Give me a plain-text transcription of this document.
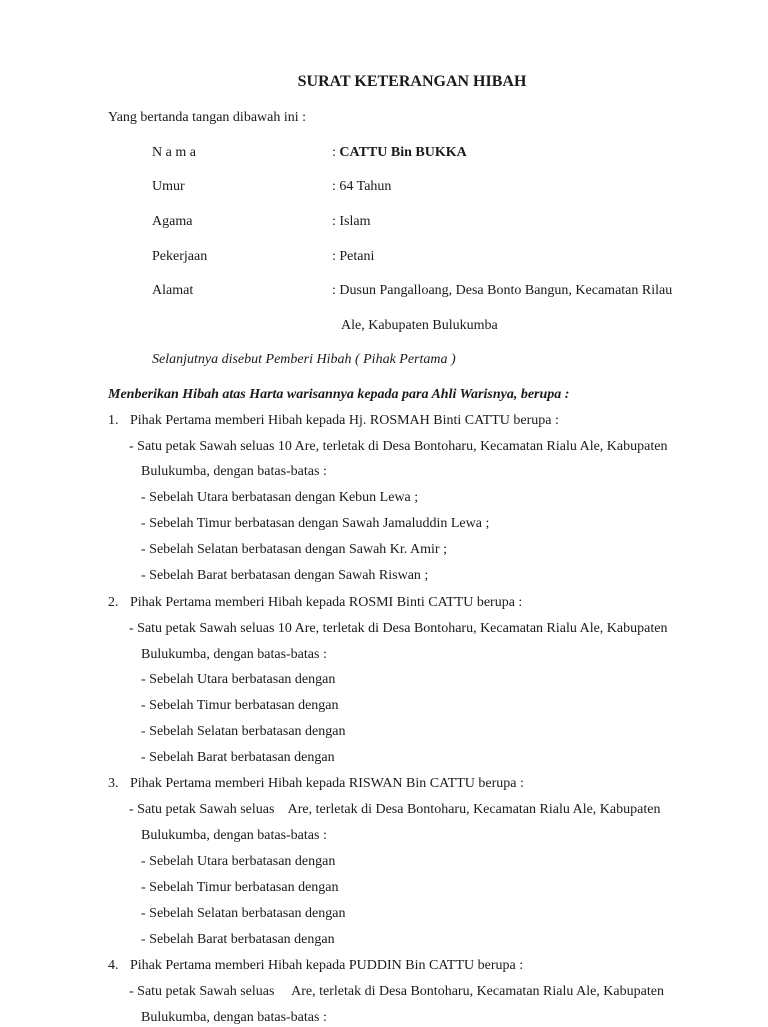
SURAT KETERANGAN HIBAH
Yang bertanda tangan dibawah ini :
N a m a	: CATTU Bin BUKKA
Umur	: 64 Tahun
Agama	: Islam
Pekerjaan	: Petani
Alamat	: Dusun Pangalloang, Desa Bonto Bangun, Kecamatan Rilau
Ale, Kabupaten Bulukumba
Selanjutnya disebut Pemberi Hibah ( Pihak Pertama )
Menberikan Hibah atas Harta warisannya kepada para Ahli Warisnya, berupa :
1. Pihak Pertama memberi Hibah kepada Hj. ROSMAH Binti CATTU berupa :
- Satu petak Sawah seluas 10 Are, terletak di Desa Bontoharu, Kecamatan Rialu Ale, Kabupaten
Bulukumba, dengan batas-batas :
- Sebelah Utara berbatasan dengan Kebun Lewa ;
- Sebelah Timur berbatasan dengan Sawah Jamaluddin Lewa ;
- Sebelah Selatan berbatasan dengan Sawah Kr. Amir ;
- Sebelah Barat berbatasan dengan Sawah Riswan ;
2. Pihak Pertama memberi Hibah kepada ROSMI Binti CATTU berupa :
- Satu petak Sawah seluas 10 Are, terletak di Desa Bontoharu, Kecamatan Rialu Ale, Kabupaten
Bulukumba, dengan batas-batas :
- Sebelah Utara berbatasan dengan
- Sebelah Timur berbatasan dengan
- Sebelah Selatan berbatasan dengan
- Sebelah Barat berbatasan dengan
3. Pihak Pertama memberi Hibah kepada RISWAN Bin CATTU berupa :
- Satu petak Sawah seluas    Are, terletak di Desa Bontoharu, Kecamatan Rialu Ale, Kabupaten
Bulukumba, dengan batas-batas :
- Sebelah Utara berbatasan dengan
- Sebelah Timur berbatasan dengan
- Sebelah Selatan berbatasan dengan
- Sebelah Barat berbatasan dengan
4. Pihak Pertama memberi Hibah kepada PUDDIN Bin CATTU berupa :
- Satu petak Sawah seluas     Are, terletak di Desa Bontoharu, Kecamatan Rialu Ale, Kabupaten
Bulukumba, dengan batas-batas :
